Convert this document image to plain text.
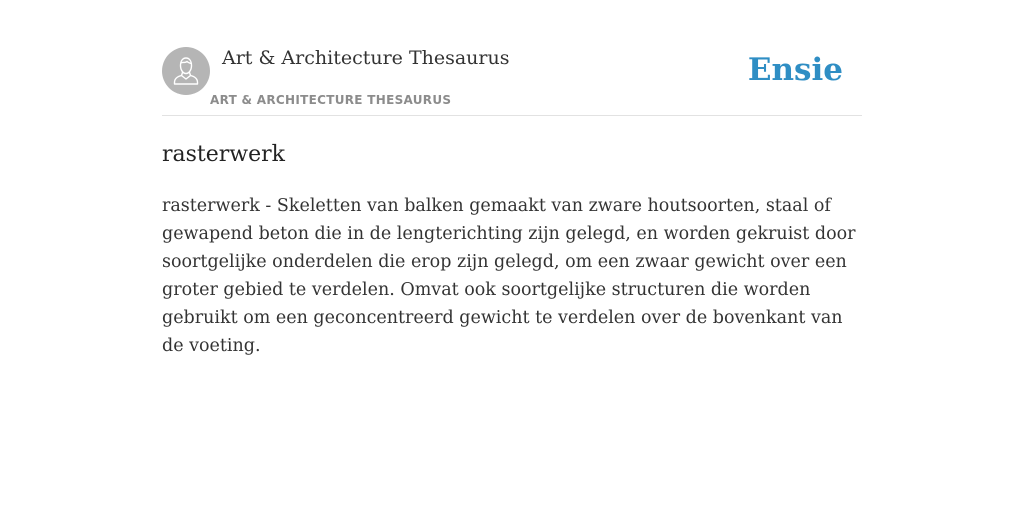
Art & Architecture Thesaurus
ART & ARCHITECTURE THESAURUS
Ensie
rasterwerk

rasterwerk - Skeletten van balken gemaakt van zware houtsoorten, staal of gewapend beton die in de lengterichting zijn gelegd, en worden gekruist door soortgelijke onderdelen die erop zijn gelegd, om een zwaar gewicht over een groter gebied te verdelen. Omvat ook soortgelijke structuren die worden gebruikt om een geconcentreerd gewicht te verdelen over de bovenkant van de voeting.
